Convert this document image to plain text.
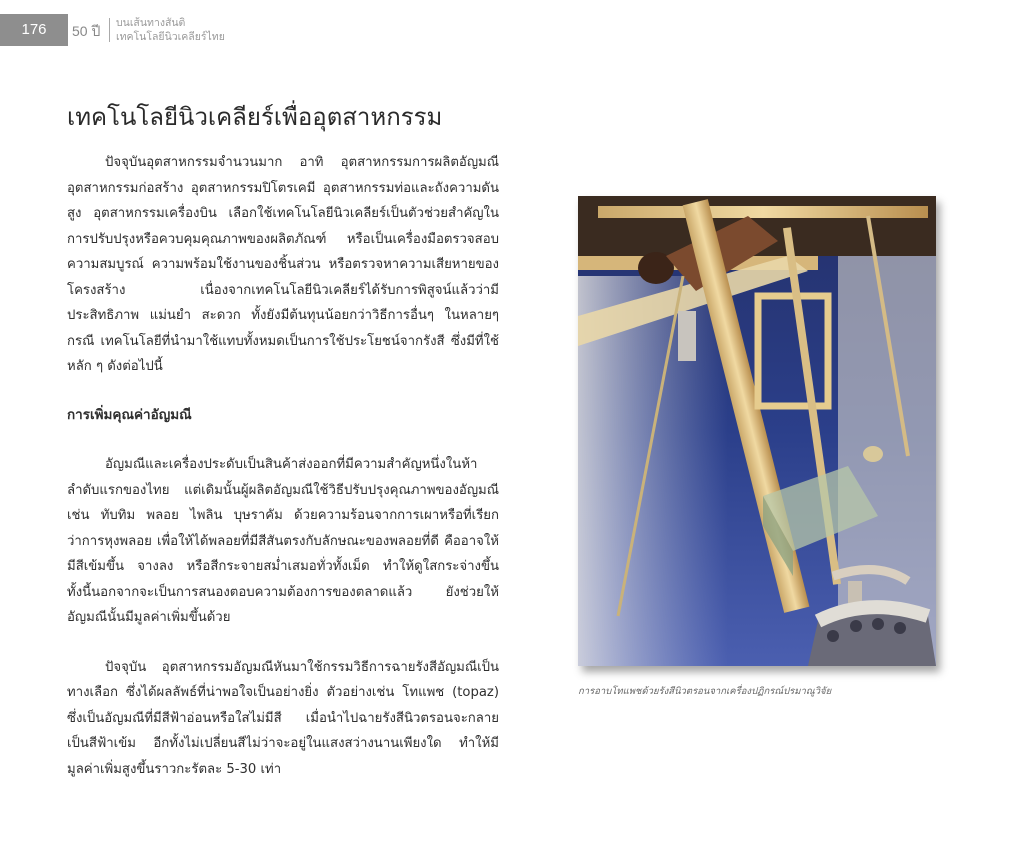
176	50 ปี บนเส้นทางสันติ
เทคโนโลยีนิวเคลียร์ไทย
เทคโนโลยีนิวเคลียร์เพื่ออุตสาหกรรม

ปัจจุบันอุตสาหกรรมจำนวนมาก อาทิ อุตสาหกรรมการผลิตอัญมณี อุตสาหกรรมก่อสร้าง อุตสาหกรรมปิโตรเคมี อุตสาหกรรมท่อและถังความดันสูง อุตสาหกรรมเครื่องบิน เลือกใช้เทคโนโลยีนิวเคลียร์เป็นตัวช่วยสำคัญในการปรับปรุงหรือควบคุมคุณภาพของผลิตภัณฑ์ หรือเป็นเครื่องมือตรวจสอบความสมบูรณ์ ความพร้อมใช้งานของชิ้นส่วน หรือตรวจหาความเสียหายของโครงสร้าง เนื่องจากเทคโนโลยีนิวเคลียร์ได้รับการพิสูจน์แล้วว่ามีประสิทธิภาพ แม่นยำ สะดวก ทั้งยังมีต้นทุนน้อยกว่าวิธีการอื่นๆ ในหลายๆ กรณี เทคโนโลยีที่นำมาใช้แทบทั้งหมดเป็นการใช้ประโยชน์จากรังสี ซึ่งมีที่ใช้หลัก ๆ ดังต่อไปนี้

การเพิ่มคุณค่าอัญมณี

อัญมณีและเครื่องประดับเป็นสินค้าส่งออกที่มีความสำคัญหนึ่งในห้าลำดับแรกของไทย แต่เดิมนั้นผู้ผลิตอัญมณีใช้วิธีปรับปรุงคุณภาพของอัญมณี เช่น ทับทิม พลอย ไพลิน บุษราคัม ด้วยความร้อนจากการเผาหรือที่เรียกว่าการหุงพลอย เพื่อให้ได้พลอยที่มีสีสันตรงกับลักษณะของพลอยที่ดี คืออาจให้มีสีเข้มขึ้น จางลง หรือสีกระจายสม่ำเสมอทั่วทั้งเม็ด ทำให้ดูใสกระจ่างขึ้น ทั้งนี้นอกจากจะเป็นการสนองตอบความต้องการของตลาดแล้ว ยังช่วยให้อัญมณีนั้นมีมูลค่าเพิ่มขึ้นด้วย

ปัจจุบัน อุตสาหกรรมอัญมณีหันมาใช้กรรมวิธีการฉายรังสีอัญมณีเป็นทางเลือก ซึ่งได้ผลลัพธ์ที่น่าพอใจเป็นอย่างยิ่ง ตัวอย่างเช่น โทแพช (topaz) ซึ่งเป็นอัญมณีที่มีสีฟ้าอ่อนหรือใสไม่มีสี เมื่อนำไปฉายรังสีนิวตรอนจะกลายเป็นสีฟ้าเข้ม อีกทั้งไม่เปลี่ยนสีไม่ว่าจะอยู่ในแสงสว่างนานเพียงใด ทำให้มีมูลค่าเพิ่มสูงขึ้นราวกะรัตละ 5-30 เท่า

การอาบโทแพชด้วยรังสีนิวตรอนจากเครื่องปฏิกรณ์ปรมาณูวิจัย
